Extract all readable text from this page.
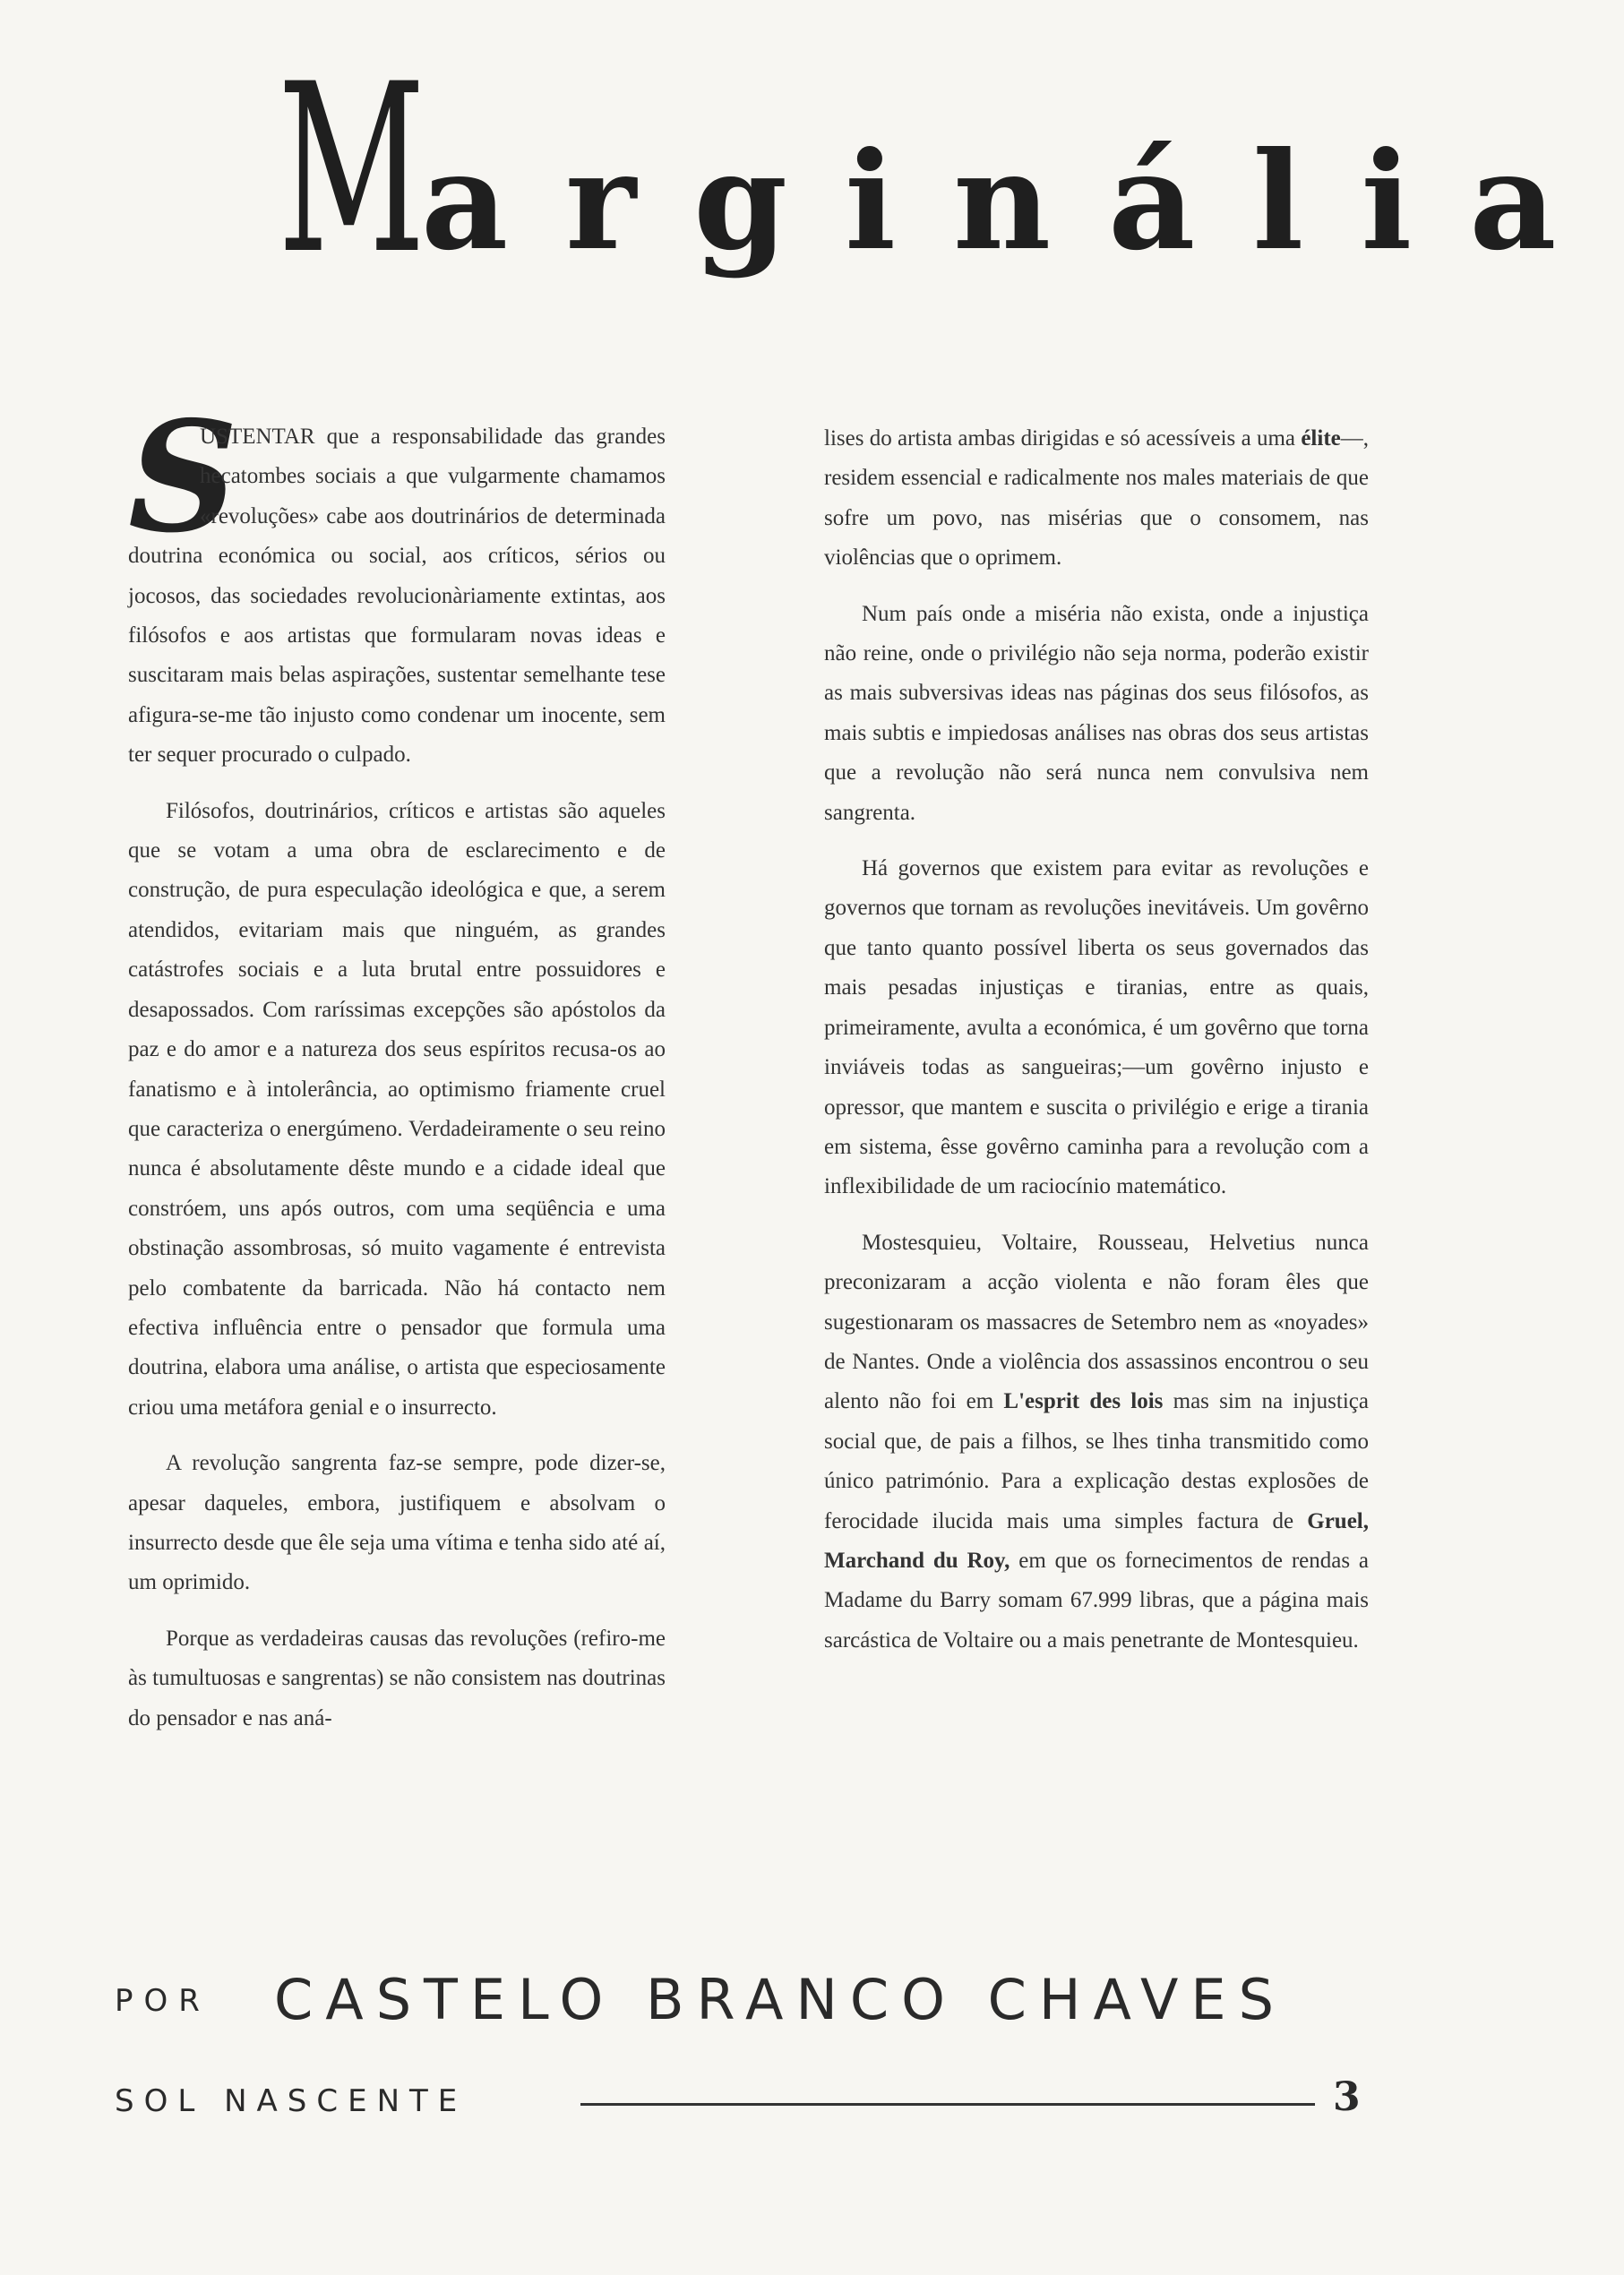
M
arginália

S
USTENTAR que a responsabilidade das grandes hecatombes sociais a que vulgarmente chamamos «revoluções» cabe aos doutrinários de determinada doutrina económica ou social, aos críticos, sérios ou jocosos, das sociedades revolucionàriamente extintas, aos filósofos e aos artistas que formularam novas ideas e suscitaram mais belas aspirações, sustentar semelhante tese afigura-se-me tão injusto como condenar um inocente, sem ter sequer procurado o culpado.

Filósofos, doutrinários, críticos e artistas são aqueles que se votam a uma obra de esclarecimento e de construção, de pura especulação ideológica e que, a serem atendidos, evitariam mais que ninguém, as grandes catástrofes sociais e a luta brutal entre possuidores e desapossados. Com raríssimas excepções são apóstolos da paz e do amor e a natureza dos seus espíritos recusa-os ao fanatismo e à intolerância, ao optimismo friamente cruel que caracteriza o energúmeno. Verdadeiramente o seu reino nunca é absolutamente dêste mundo e a cidade ideal que constróem, uns após outros, com uma seqüência e uma obstinação assombrosas, só muito vagamente é entrevista pelo combatente da barricada. Não há contacto nem efectiva influência entre o pensador que formula uma doutrina, elabora uma análise, o artista que especiosamente criou uma metáfora genial e o insurrecto.

A revolução sangrenta faz-se sempre, pode dizer-se, apesar daqueles, embora, justifiquem e absolvam o insurrecto desde que êle seja uma vítima e tenha sido até aí, um oprimido.

Porque as verdadeiras causas das revoluções (refiro-me às tumultuosas e sangrentas) se não consistem nas doutrinas do pensador e nas aná-

lises do artista ambas dirigidas e só acessíveis a uma élite—, residem essencial e radicalmente nos males materiais de que sofre um povo, nas misérias que o consomem, nas violências que o oprimem.

Num país onde a miséria não exista, onde a injustiça não reine, onde o privilégio não seja norma, poderão existir as mais subversivas ideas nas páginas dos seus filósofos, as mais subtis e impiedosas análises nas obras dos seus artistas que a revolução não será nunca nem convulsiva nem sangrenta.

Há governos que existem para evitar as revoluções e governos que tornam as revoluções inevitáveis. Um govêrno que tanto quanto possível liberta os seus governados das mais pesadas injustiças e tiranias, entre as quais, primeiramente, avulta a económica, é um govêrno que torna inviáveis todas as sangueiras;—um govêrno injusto e opressor, que mantem e suscita o privilégio e erige a tirania em sistema, êsse govêrno caminha para a revolução com a inflexibilidade de um raciocínio matemático.

Mostesquieu, Voltaire, Rousseau, Helvetius nunca preconizaram a acção violenta e não foram êles que sugestionaram os massacres de Setembro nem as «noyades» de Nantes. Onde a violência dos assassinos encontrou o seu alento não foi em L'esprit des lois mas sim na injustiça social que, de pais a filhos, se lhes tinha transmitido como único património. Para a explicação destas explosões de ferocidade ilucida mais uma simples factura de Gruel, Marchand du Roy, em que os fornecimentos de rendas a Madame du Barry somam 67.999 libras, que a página mais sarcástica de Voltaire ou a mais penetrante de Montesquieu.

POR CASTELO BRANCO CHAVES
SOL NASCENTE	3
